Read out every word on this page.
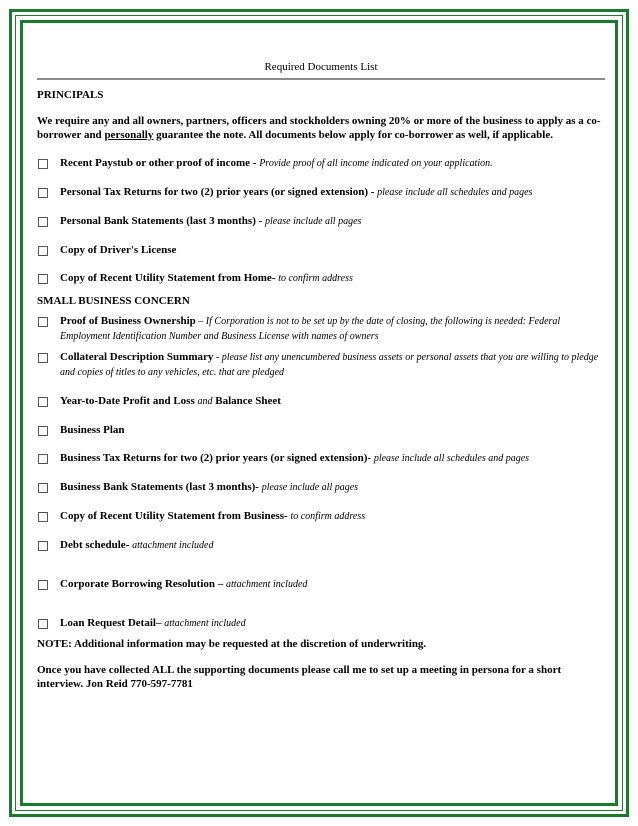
Required Documents List
PRINCIPALS
We require any and all owners, partners, officers and stockholders owning 20% or more of the business to apply as a co-borrower and personally guarantee the note. All documents below apply for co-borrower as well, if applicable.
Recent Paystub or other proof of income - Provide proof of all income indicated on your application.
Personal Tax Returns for two (2) prior years (or signed extension) - please include all schedules and pages
Personal Bank Statements (last 3 months) - please include all pages
Copy of Driver's License
Copy of Recent Utility Statement from Home- to confirm address
SMALL BUSINESS CONCERN
Proof of Business Ownership – If Corporation is not to be set up by the date of closing, the following is needed: Federal Employment Identification Number and Business License with names of owners
Collateral Description Summary - please list any unencumbered business assets or personal assets that you are willing to pledge and copies of titles to any vehicles, etc. that are pledged
Year-to-Date Profit and Loss and Balance Sheet
Business Plan
Business Tax Returns for two (2) prior years (or signed extension)- please include all schedules and pages
Business Bank Statements (last 3 months)- please include all pages
Copy of Recent Utility Statement from Business- to confirm address
Debt schedule- attachment included
Corporate Borrowing Resolution – attachment included
Loan Request Detail– attachment included
NOTE: Additional information may be requested at the discretion of underwriting.
Once you have collected ALL the supporting documents please call me to set up a meeting in persona for a short interview. Jon Reid 770-597-7781
